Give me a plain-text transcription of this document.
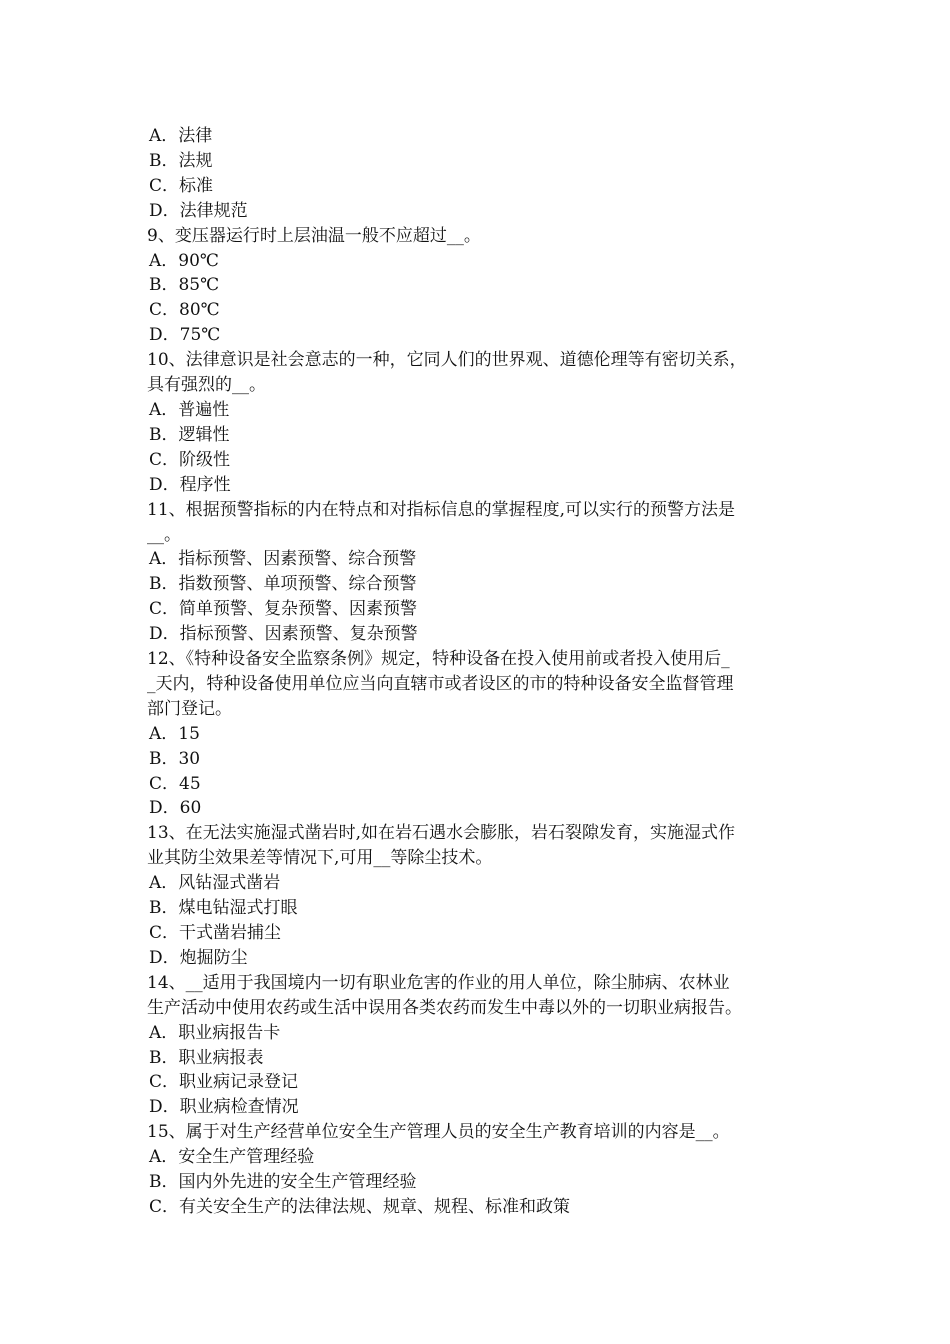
A．法律
B．法规
C．标准
D．法律规范
9、变压器运行时上层油温一般不应超过__。
A．90℃
B．85℃
C．80℃
D．75℃
10、法律意识是社会意志的一种，它同人们的世界观、道德伦理等有密切关系，
具有强烈的__。
A．普遍性
B．逻辑性
C．阶级性
D．程序性
11、根据预警指标的内在特点和对指标信息的掌握程度,可以实行的预警方法是
__。
A．指标预警、因素预警、综合预警
B．指数预警、单项预警、综合预警
C．简单预警、复杂预警、因素预警
D．指标预警、因素预警、复杂预警
12、《特种设备安全监察条例》规定，特种设备在投入使用前或者投入使用后_
_天内，特种设备使用单位应当向直辖市或者设区的市的特种设备安全监督管理
部门登记。
A．15
B．30
C．45
D．60
13、在无法实施湿式凿岩时,如在岩石遇水会膨胀，岩石裂隙发育，实施湿式作
业其防尘效果差等情况下,可用__等除尘技术。
A．风钻湿式凿岩
B．煤电钻湿式打眼
C．干式凿岩捕尘
D．炮掘防尘
14、__适用于我国境内一切有职业危害的作业的用人单位，除尘肺病、农林业
生产活动中使用农药或生活中误用各类农药而发生中毒以外的一切职业病报告。
A．职业病报告卡
B．职业病报表
C．职业病记录登记
D．职业病检查情况
15、属于对生产经营单位安全生产管理人员的安全生产教育培训的内容是__。
A．安全生产管理经验
B．国内外先进的安全生产管理经验
C．有关安全生产的法律法规、规章、规程、标准和政策
